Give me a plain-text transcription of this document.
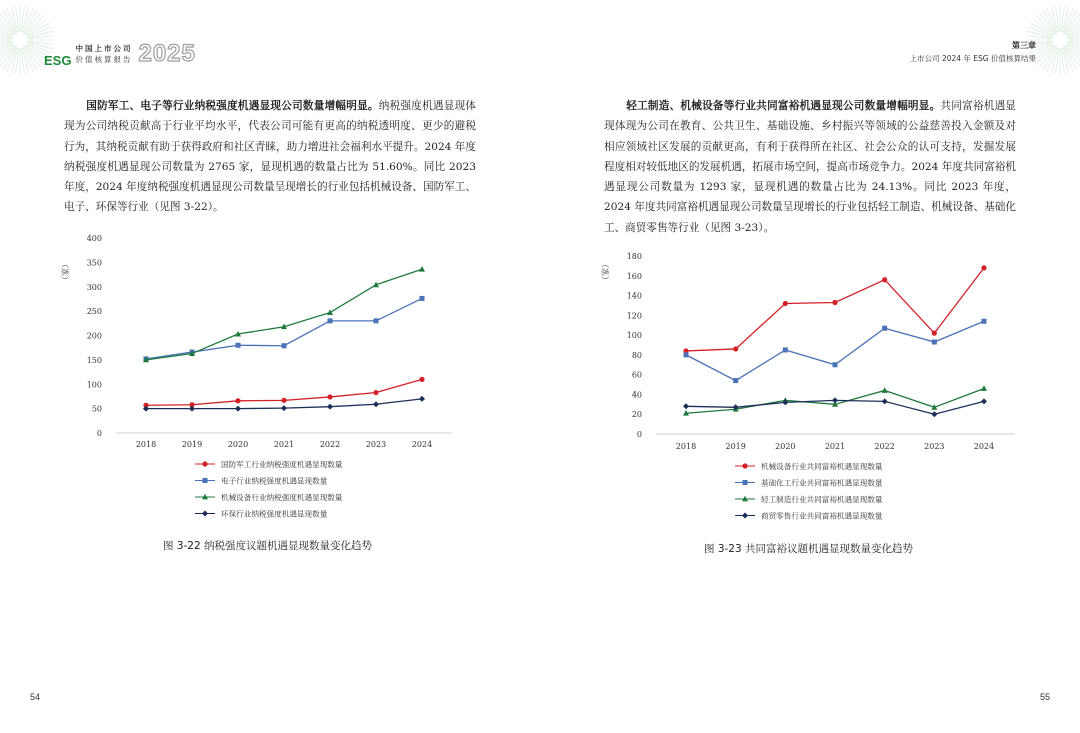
ESG
中国上市公司
价值核算报告 2025	第三章
上市公司 2024 年 ESG 价值核算结果
国防军工、电子等行业纳税强度机遇显现公司数量增幅明显。纳税强度机遇显现体现为公司纳税贡献高于行业平均水平，代表公司可能有更高的纳税透明度、更少的避税行为，其纳税贡献有助于获得政府和社区青睐，助力增进社会福利水平提升。2024 年度纳税强度机遇显现公司数量为 2765 家，显现机遇的数量占比为 51.60%。同比 2023 年度，2024 年度纳税强度机遇显现公司数量呈现增长的行业包括机械设备、国防军工、电子、环保等行业（见图 3-22）。
轻工制造、机械设备等行业共同富裕机遇显现公司数量增幅明显。共同富裕机遇显现体现为公司在教育、公共卫生、基础设施、乡村振兴等领域的公益慈善投入金额及对相应领域社区发展的贡献更高，有利于获得所在社区、社会公众的认可支持，发掘发展程度相对较低地区的发展机遇，拓展市场空间，提高市场竞争力。2024 年度共同富裕机遇显现公司数量为 1293 家，显现机遇的数量占比为 24.13%。同比 2023 年度，2024 年度共同富裕机遇显现公司数量呈现增长的行业包括轻工制造、机械设备、基础化工、商贸零售等行业（见图 3-23）。
0
50
100
150
200
250
300
350
400
2018	2019	2020	2021	2022	2023	2024
（家）
国防军工行业纳税强度机遇显现数量
电子行业纳税强度机遇显现数量
机械设备行业纳税强度机遇显现数量
环保行业纳税强度机遇显现数量
0
20
40
60
80
100
120
140
160
180
2018	2019	2020	2021	2022	2023	2024
（家）
机械设备行业共同富裕机遇显现数量
基础化工行业共同富裕机遇显现数量
轻工制造行业共同富裕机遇显现数量
商贸零售行业共同富裕机遇显现数量
图 3-22 纳税强度议题机遇显现数量变化趋势	图 3-23 共同富裕议题机遇显现数量变化趋势
54	55
